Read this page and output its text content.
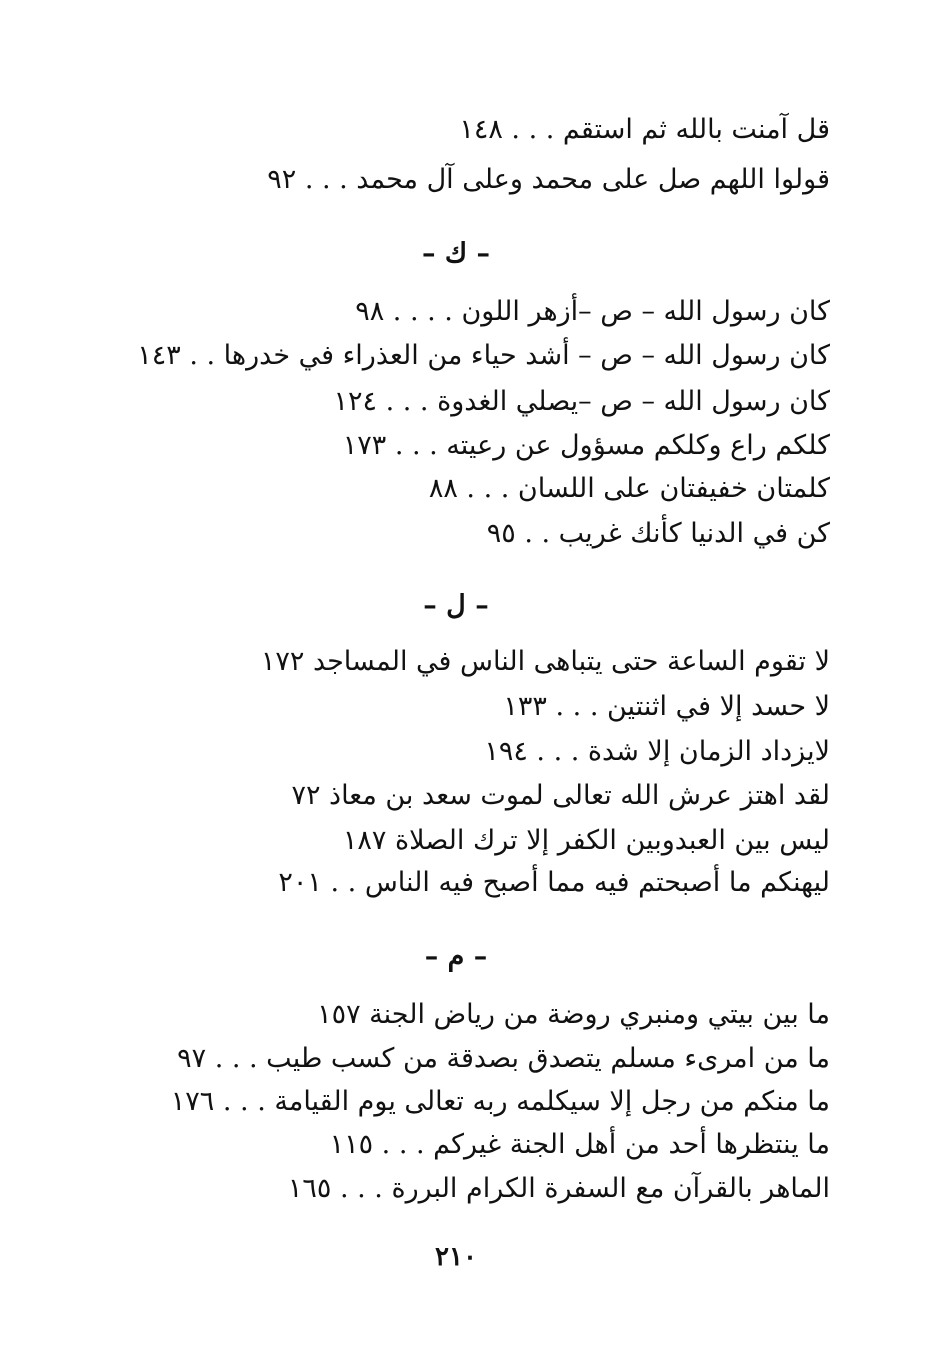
قل آمنت بالله ثم استقم . . . ١٤٨
قولوا اللهم صل على محمد وعلى آل محمد . . . ٩٢
– ك –
كان رسول الله – ص –أزهر اللون . . . . ٩٨
كان رسول الله – ص – أشد حياء من العذراء في خدرها . . ١٤٣
كان رسول الله – ص –يصلي الغدوة . . . ١٢٤
كلكم راع وكلكم مسؤول عن رعيته . . . ١٧٣
كلمتان خفيفتان على اللسان . . . ٨٨
كن في الدنيا كأنك غريب . . ٩٥
– ل –
لا تقوم الساعة حتى يتباهى الناس في المساجد ١٧٢
لا حسد إلا في اثنتين . . . ١٣٣
لايزداد الزمان إلا شدة . . . ١٩٤
لقد اهتز عرش الله تعالى لموت سعد بن معاذ ٧٢
ليس بين العبدوبين الكفر إلا ترك الصلاة ١٨٧
ليهنكم ما أصبحتم فيه مما أصبح فيه الناس . . ٢٠١
– م –
ما بين بيتي ومنبري روضة من رياض الجنة ١٥٧
ما من امرىء مسلم يتصدق بصدقة من كسب طيب . . . ٩٧
ما منكم من رجل إلا سيكلمه ربه تعالى يوم القيامة . . . ١٧٦
ما ينتظرها أحد من أهل الجنة غيركم . . . ١١٥
الماهر بالقرآن مع السفرة الكرام البررة . . . ١٦٥
٢١٠
